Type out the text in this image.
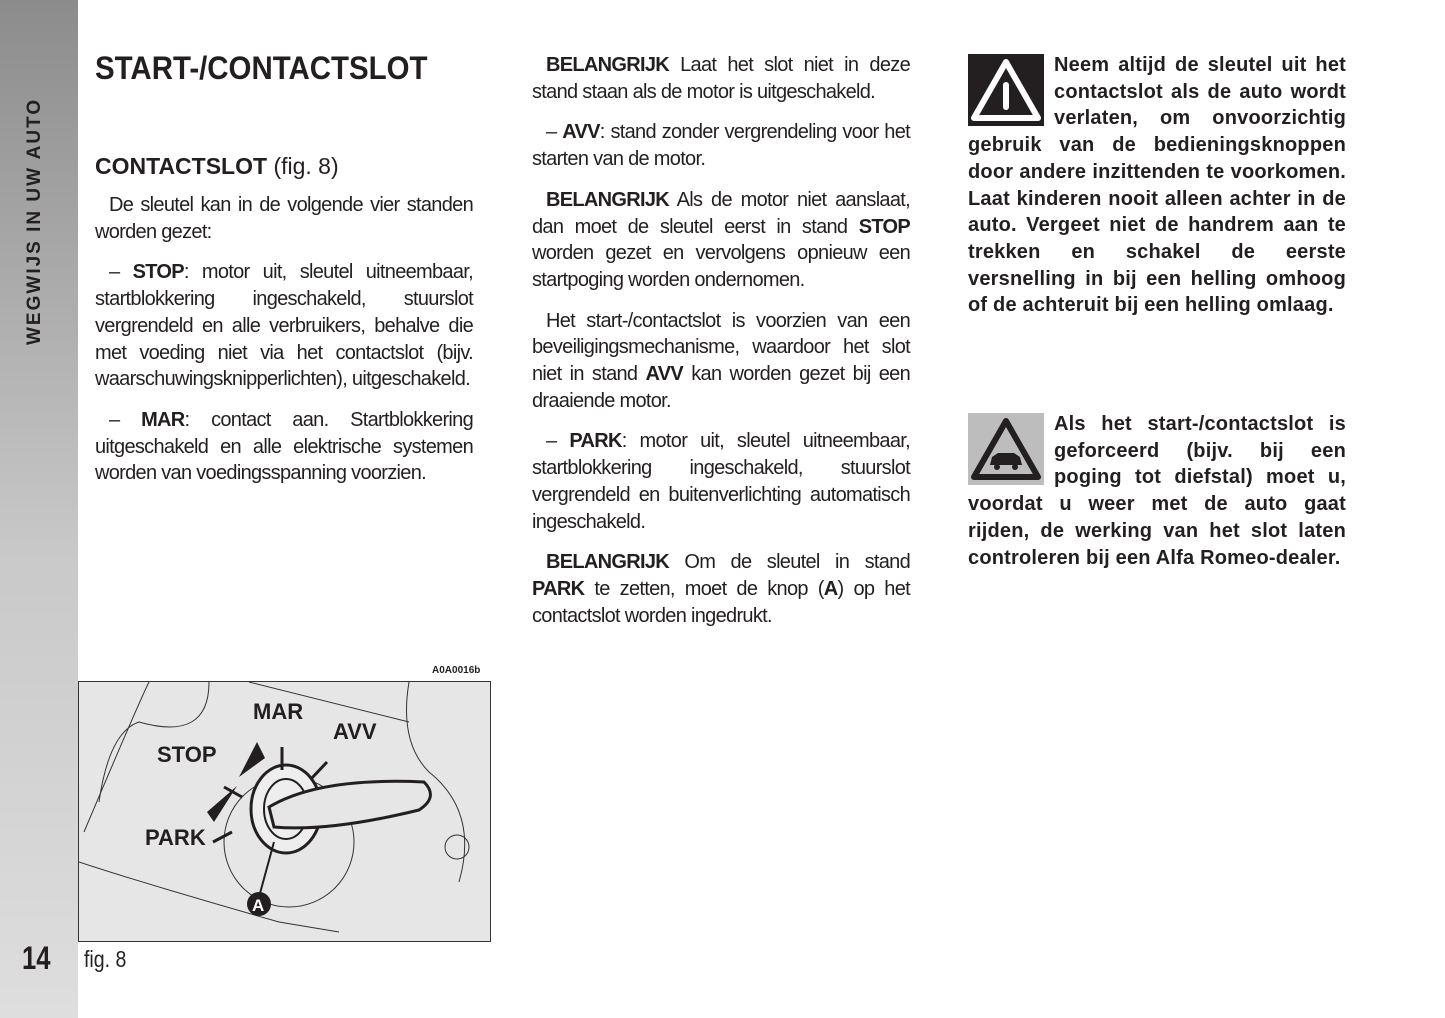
WEGWIJS IN UW AUTO
14
START-/CONTACTSLOT
CONTACTSLOT (fig. 8)

De sleutel kan in de volgende vier standen worden gezet:

– STOP: motor uit, sleutel uitneembaar, startblokkering ingeschakeld, stuurslot vergrendeld en alle verbruikers, behalve die met voeding niet via het contactslot (bijv. waarschuwingsknipperlichten), uitgeschakeld.

– MAR: contact aan. Startblokkering uitgeschakeld en alle elektrische systemen worden van voedingsspanning voorzien.

BELANGRIJK Laat het slot niet in deze stand staan als de motor is uitgeschakeld.

– AVV: stand zonder vergrendeling voor het starten van de motor.

BELANGRIJK Als de motor niet aanslaat, dan moet de sleutel eerst in stand STOP worden gezet en vervolgens opnieuw een startpoging worden ondernomen.

Het start-/contactslot is voorzien van een beveiligingsmechanisme, waardoor het slot niet in stand AVV kan worden gezet bij een draaiende motor.

– PARK: motor uit, sleutel uitneembaar, startblokkering ingeschakeld, stuurslot vergrendeld en buitenverlichting automatisch ingeschakeld.

BELANGRIJK Om de sleutel in stand PARK te zetten, moet de knop (A) op het contactslot worden ingedrukt.

Neem altijd de sleutel uit het contactslot als de auto wordt verlaten, om onvoorzichtig gebruik van de bedieningsknoppen door andere inzittenden te voorkomen. Laat kinderen nooit alleen achter in de auto. Vergeet niet de handrem aan te trekken en schakel de eerste versnelling in bij een helling omhoog of de achteruit bij een helling omlaag.

Als het start-/contactslot is geforceerd (bijv. bij een poging tot diefstal) moet u, voordat u weer met de auto gaat rijden, de werking van het slot laten controleren bij een Alfa Romeo-dealer.

A0A0016b
MAR
AVV
STOP
PARK
A
fig. 8
